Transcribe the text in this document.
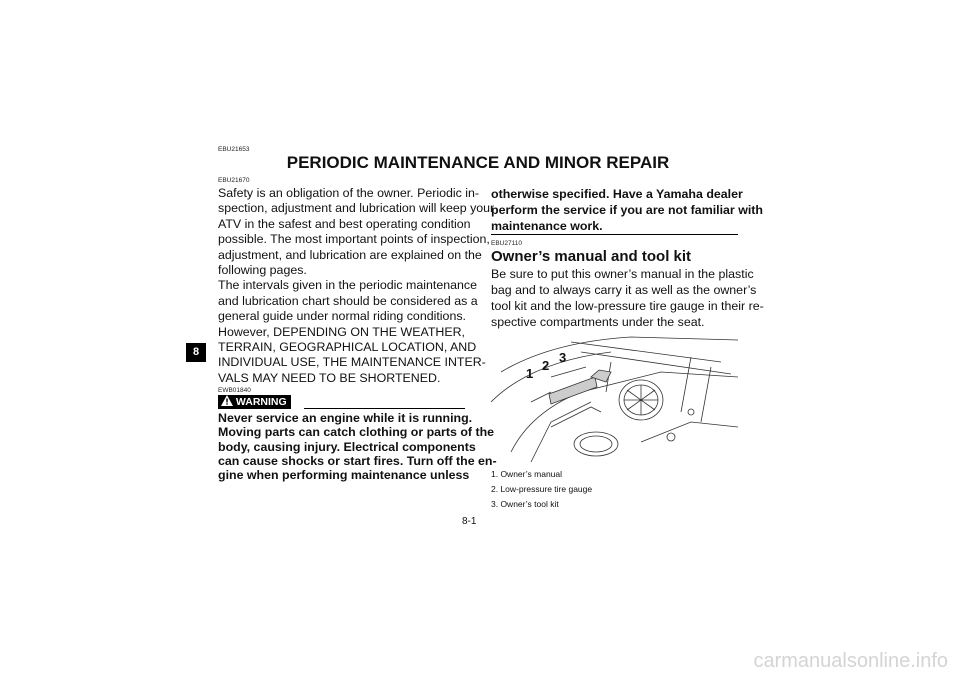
EBU21653
PERIODIC MAINTENANCE AND MINOR REPAIR
EBU21670
8
Safety is an obligation of the owner. Periodic in-
spection, adjustment and lubrication will keep your
ATV in the safest and best operating condition
possible. The most important points of inspection,
adjustment, and lubrication are explained on the
following pages.
The intervals given in the periodic maintenance
and lubrication chart should be considered as a
general guide under normal riding conditions.
However, DEPENDING ON THE WEATHER,
TERRAIN, GEOGRAPHICAL LOCATION, AND
INDIVIDUAL USE, THE MAINTENANCE INTER-
VALS MAY NEED TO BE SHORTENED.
EWB01840
WARNING
Never service an engine while it is running.
Moving parts can catch clothing or parts of the
body, causing injury. Electrical components
can cause shocks or start fires. Turn off the en-
gine when performing maintenance unless
otherwise specified. Have a Yamaha dealer
perform the service if you are not familiar with
maintenance work.
EBU27110
Owner’s manual and tool kit
Be sure to put this owner’s manual in the plastic
bag and to always carry it as well as the owner’s
tool kit and the low-pressure tire gauge in their re-
spective compartments under the seat.
1
2
3
1. Owner’s manual
2. Low-pressure tire gauge
3. Owner’s tool kit
8-1
carmanualsonline.info
